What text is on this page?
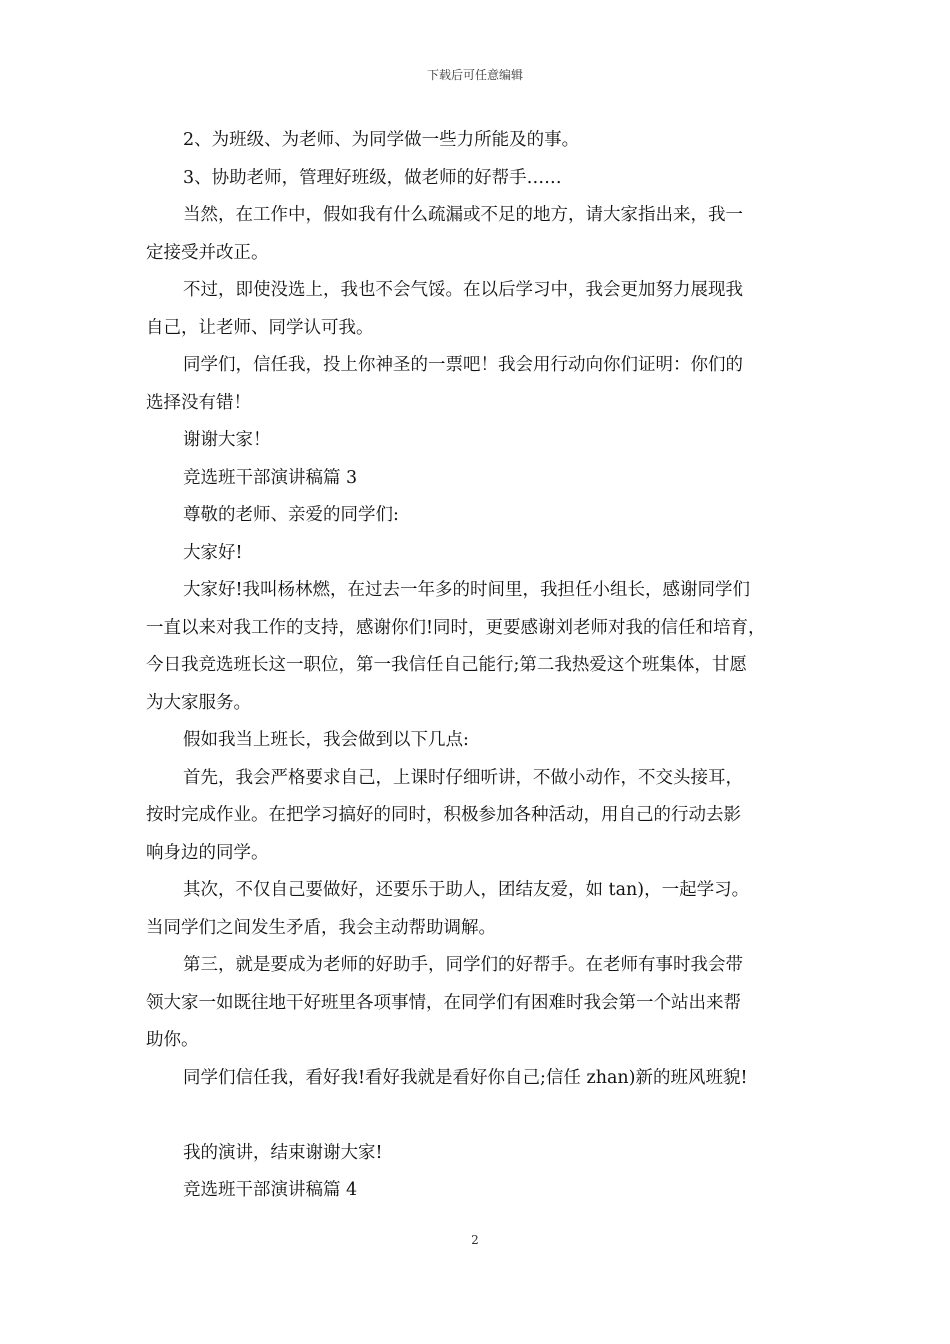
下载后可任意编辑
2、为班级、为老师、为同学做一些力所能及的事。
3、协助老师，管理好班级，做老师的好帮手……
当然，在工作中，假如我有什么疏漏或不足的地方，请大家指出来，我一
定接受并改正。
不过，即使没选上，我也不会气馁。在以后学习中，我会更加努力展现我
自己，让老师、同学认可我。
同学们，信任我，投上你神圣的一票吧！我会用行动向你们证明：你们的
选择没有错！
谢谢大家！
竞选班干部演讲稿篇 3
尊敬的老师、亲爱的同学们:
大家好!
大家好!我叫杨林燃，在过去一年多的时间里，我担任小组长，感谢同学们
一直以来对我工作的支持，感谢你们!同时，更要感谢刘老师对我的信任和培育，
今日我竞选班长这一职位，第一我信任自己能行;第二我热爱这个班集体，甘愿
为大家服务。
假如我当上班长，我会做到以下几点:
首先，我会严格要求自己，上课时仔细听讲，不做小动作，不交头接耳，
按时完成作业。在把学习搞好的同时，积极参加各种活动，用自己的行动去影
响身边的同学。
其次，不仅自己要做好，还要乐于助人，团结友爱，如 tan)，一起学习。
当同学们之间发生矛盾，我会主动帮助调解。
第三，就是要成为老师的好助手，同学们的好帮手。在老师有事时我会带
领大家一如既往地干好班里各项事情，在同学们有困难时我会第一个站出来帮
助你。
同学们信任我，看好我!看好我就是看好你自己;信任 zhan)新的班风班貌!
我的演讲，结束谢谢大家!
竞选班干部演讲稿篇 4
2
